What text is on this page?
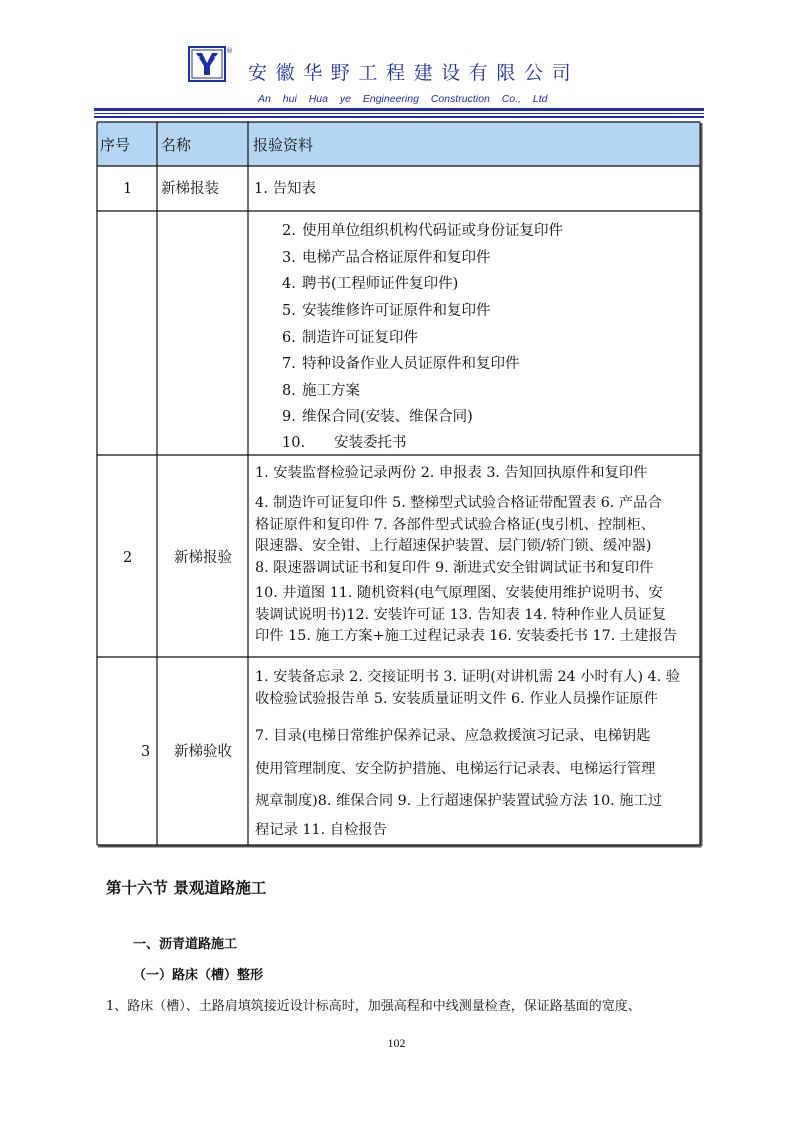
®
安徽华野工程建设有限公司
An hui Hua ye Engineering Construction Co., Ltd
序号 名称	报验资料
1 新梯报装 1. 告知表
2. 使用单位组织机构代码证或身份证复印件
3. 电梯产品合格证原件和复印件
4. 聘书(工程师证件复印件)
5. 安装维修许可证原件和复印件
6. 制造许可证复印件
7. 特种设备作业人员证原件和复印件
8. 施工方案
9. 维保合同(安装、维保合同)
10. 安装委托书
2	新梯报验
1. 安装监督检验记录两份 2. 申报表 3. 告知回执原件和复印件
4. 制造许可证复印件 5. 整梯型式试验合格证带配置表 6. 产品合
格证原件和复印件 7. 各部件型式试验合格证(曳引机、控制柜、
限速器、安全钳、上行超速保护装置、层门锁/轿门锁、缓冲器)
8. 限速器调试证书和复印件 9. 渐进式安全钳调试证书和复印件
10. 井道图 11. 随机资料(电气原理图、安装使用维护说明书、安
装调试说明书)12. 安装许可证 13. 告知表 14. 特种作业人员证复
印件 15. 施工方案+施工过程记录表 16. 安装委托书 17. 土建报告
3 新梯验收
1. 安装备忘录 2. 交接证明书 3. 证明(对讲机需 24 小时有人) 4. 验
收检验试验报告单 5. 安装质量证明文件 6. 作业人员操作证原件
7. 目录(电梯日常维护保养记录、应急救援演习记录、电梯钥匙
使用管理制度、安全防护措施、电梯运行记录表、电梯运行管理
规章制度)8. 维保合同 9. 上行超速保护装置试验方法 10. 施工过
程记录 11. 自检报告
第十六节 景观道路施工
一、沥青道路施工
（一）路床（槽）整形
1、路床（槽）、土路肩填筑接近设计标高时，加强高程和中线测量检查，保证路基面的宽度、
102
